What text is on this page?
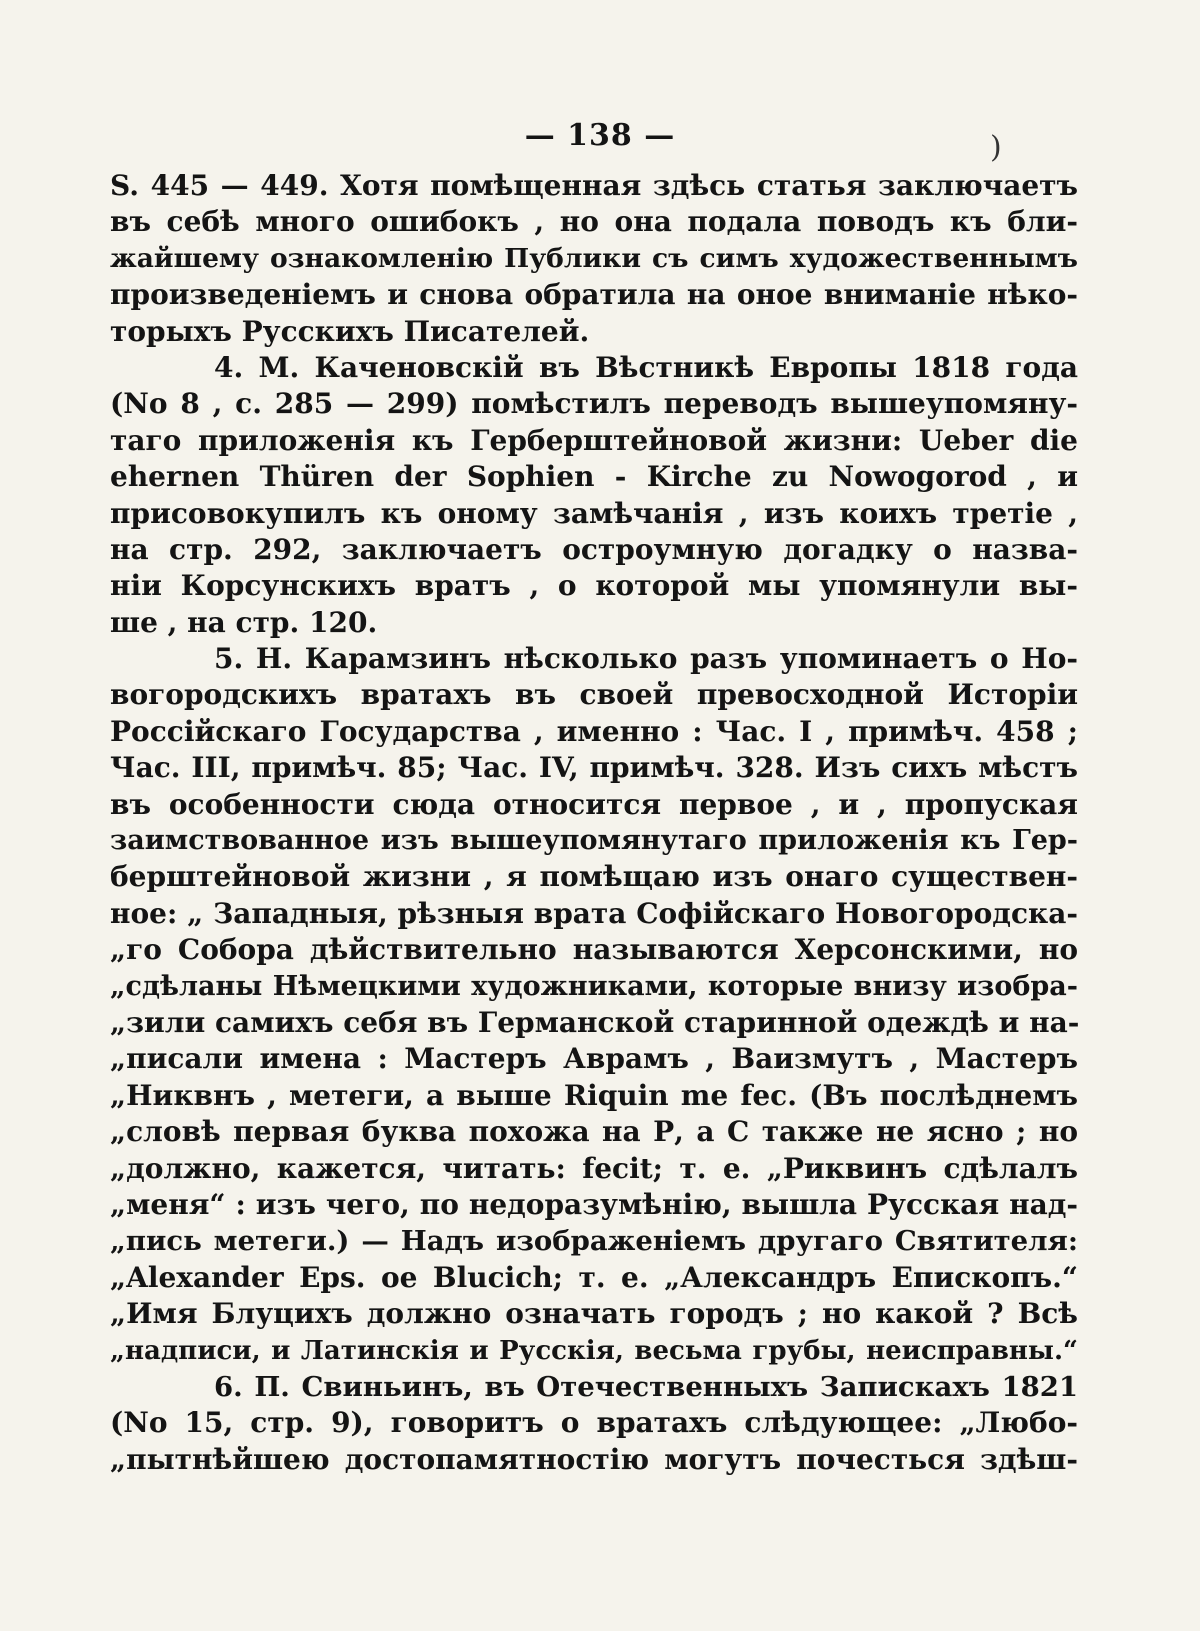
— 138 —	)
S. 445 — 449. Хотя помѣщенная здѣсь статья заключаетъ
въ себѣ много ошибокъ , но она подала поводъ къ бли-
жайшему ознакомленію Публики съ симъ художественнымъ
произведеніемъ и снова обратила на оное вниманіе нѣко-
торыхъ Русскихъ Писателей.
4. М. Каченовскій въ Вѣстникѣ Европы 1818 года
(No 8 , с. 285 — 299) помѣстилъ переводъ вышеупомяну-
таго приложенія къ Герберштейновой жизни: Ueber die
ehernen Thüren der Sophien - Kirche zu Nowogorod , и
присовокупилъ къ оному замѣчанія , изъ коихъ третіе ,
на стр. 292, заключаетъ остроумную догадку о назва-
ніи Корсунскихъ вратъ , о которой мы упомянули вы-
ше , на стр. 120.
5. Н. Карамзинъ нѣсколько разъ упоминаетъ о Но-
вогородскихъ вратахъ въ своей превосходной Исторіи
Россійскаго Государства , именно : Час. I , примѣч. 458 ;
Час. III, примѣч. 85; Час. IV, примѣч. 328. Изъ сихъ мѣстъ
въ особенности сюда относится первое , и , пропуская
заимствованное изъ вышеупомянутаго приложенія къ Гер-
берштейновой жизни , я помѣщаю изъ онаго существен-
ное: „ Западныя, рѣзныя врата Софійскаго Новогородска-
„го Собора дѣйствительно называются Херсонскими, но
„сдѣланы Нѣмецкими художниками, которые внизу изобра-
„зили самихъ себя въ Германской старинной одеждѣ и на-
„писали имена : Мастеръ Аврамъ , Ваизмутъ , Мастеръ
„Никвнъ , метеги, а выше Riquin me fec. (Въ послѣднемъ
„словѣ первая буква похожа на Р, а С также не ясно ; но
„должно, кажется, читать: fecit; т. е. „Риквинъ сдѣлалъ
„меня“ : изъ чего, по недоразумѣнію, вышла Русская над-
„пись метеги.) — Надъ изображеніемъ другаго Святителя:
„Alexander Eps. oe Blucich; т. е. „Александръ Епископъ.“
„Имя Блуцихъ должно означать городъ ; но какой ? Всѣ
„надписи, и Латинскія и Русскія, весьма грубы, неисправны.“
6. П. Свиньинъ, въ Отечественныхъ Запискахъ 1821
(No 15, стр. 9), говоритъ о вратахъ слѣдующее: „Любо-
„пытнѣйшею достопамятностію могутъ почесться здѣш-
